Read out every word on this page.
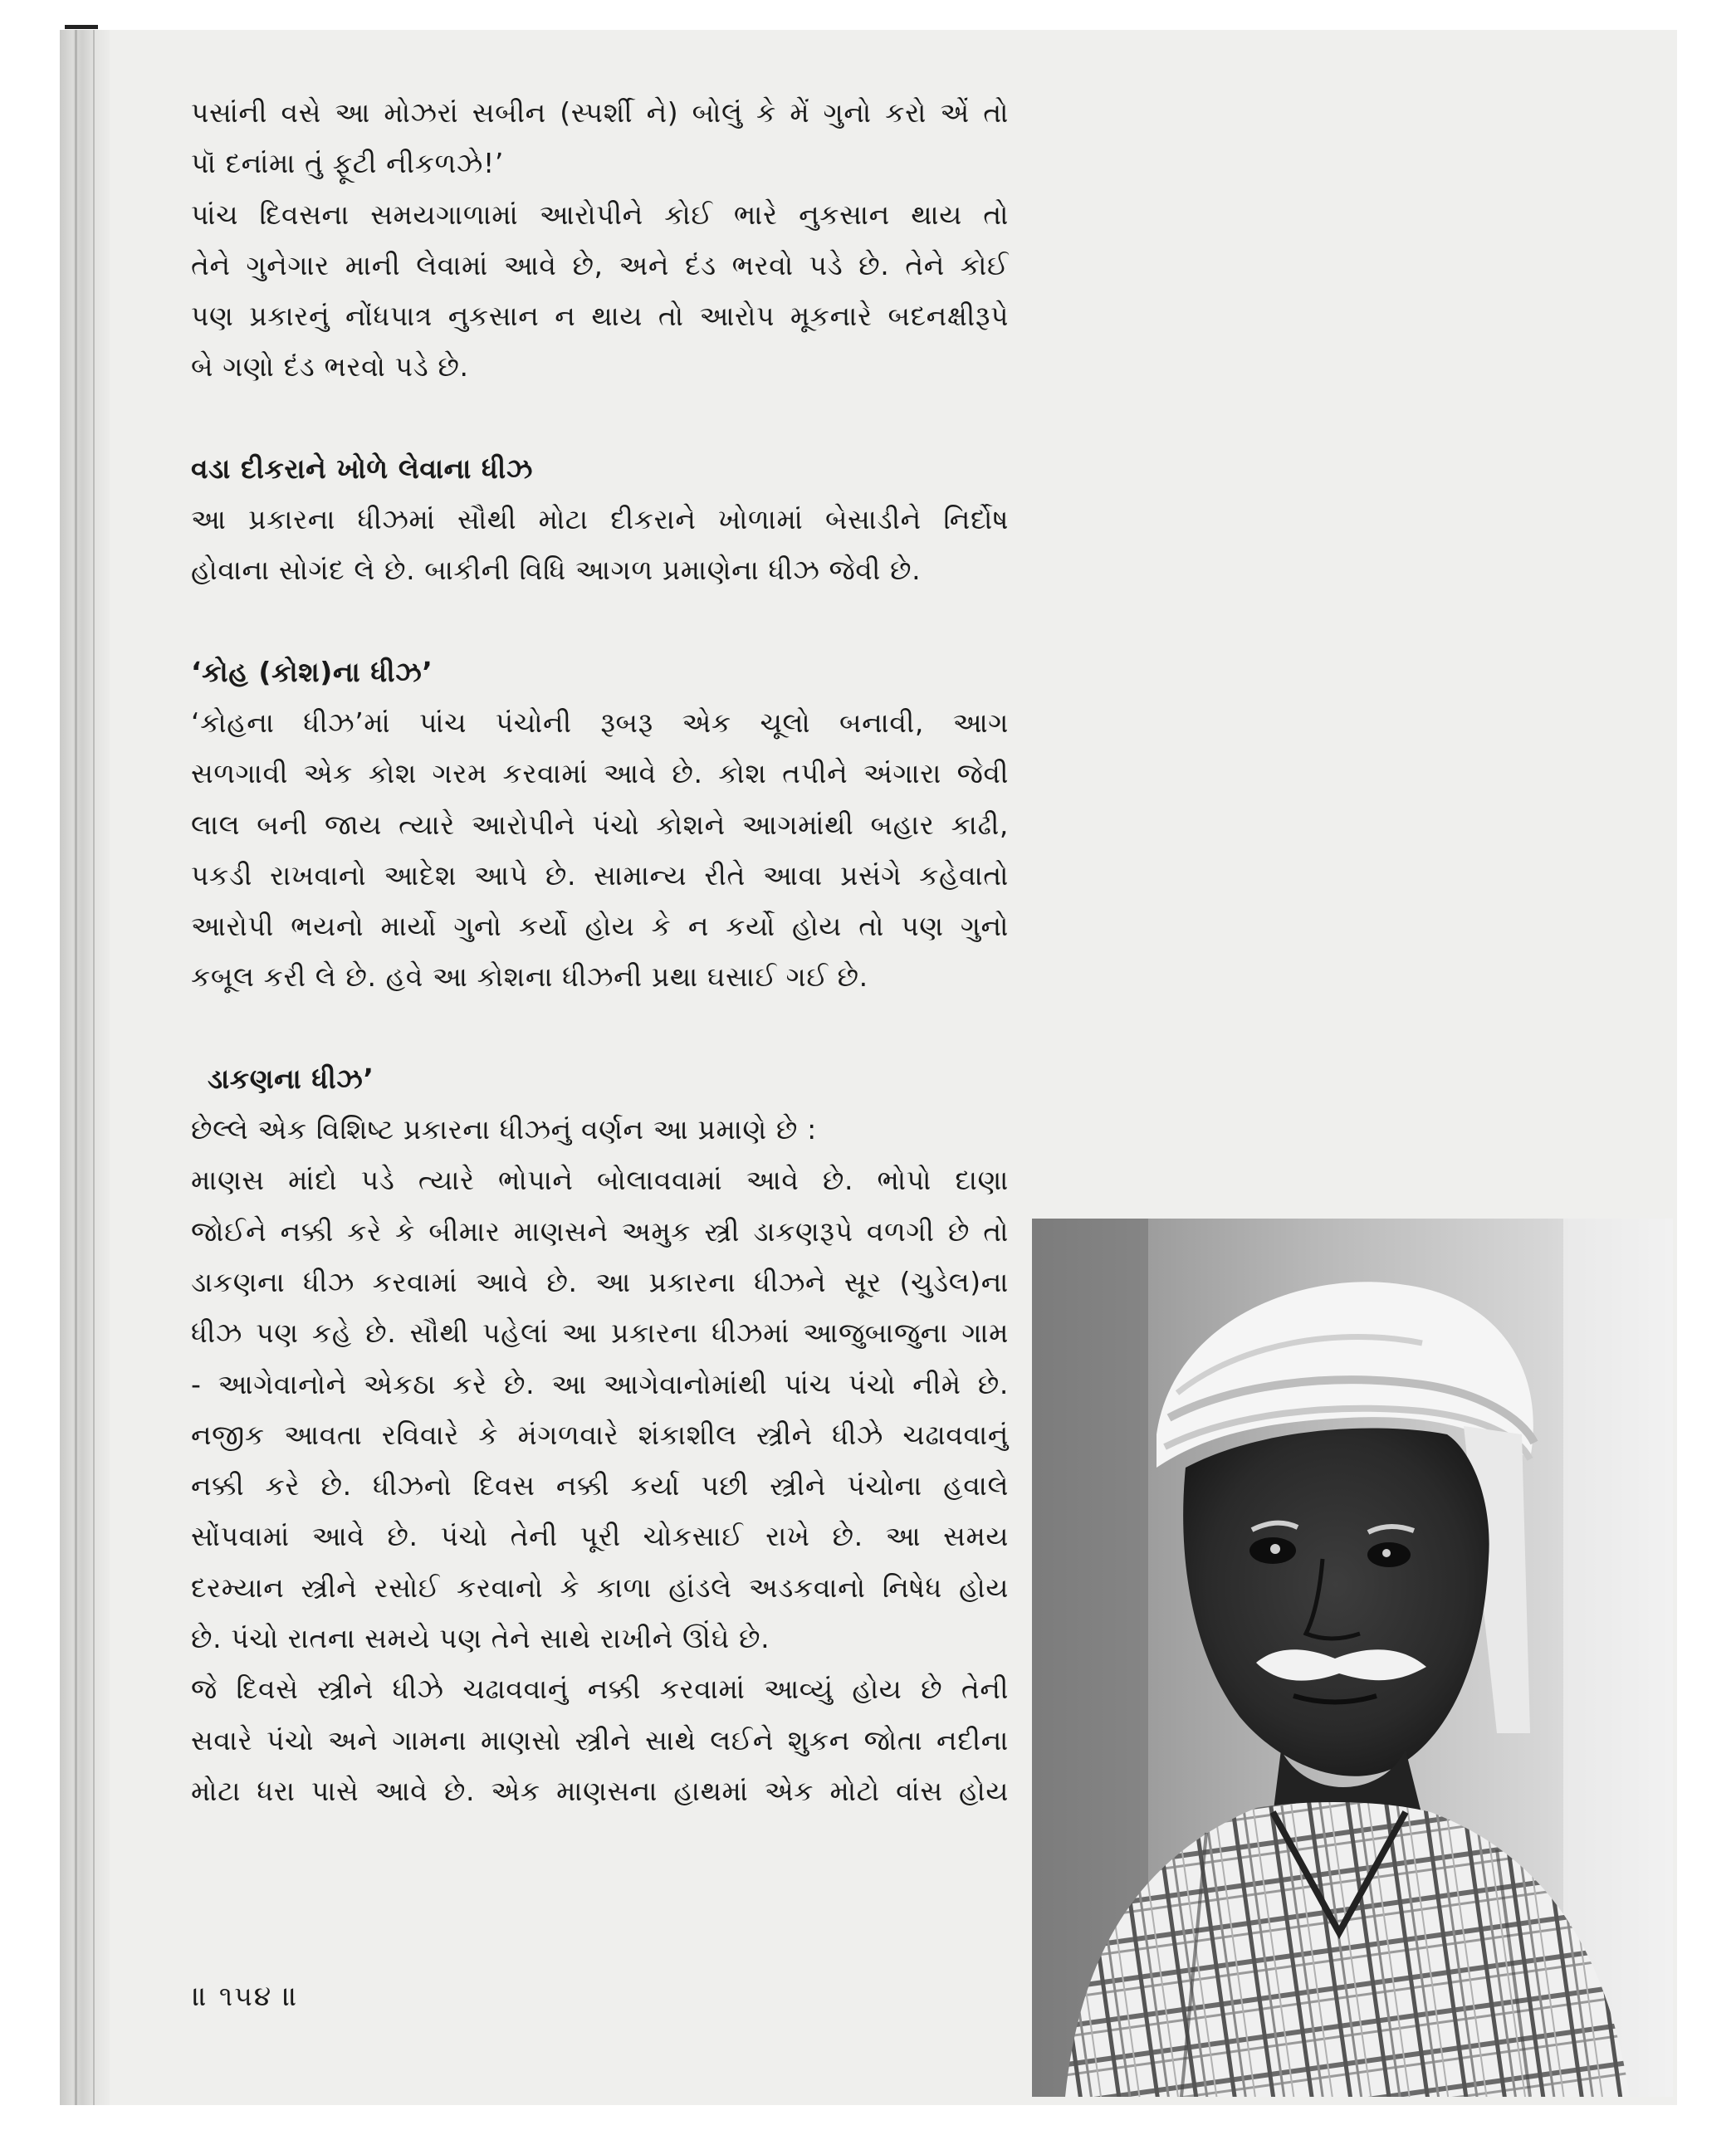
પસાંની વસે આ મોઝરાં સબીન (સ્પર્શી ને) બોલું કે મેં ગુનો કરો એં તો
પૉ દનાંમા તું ફૂટી નીકળઝે!’

પાંચ દિવસના સમયગાળામાં આરોપીને કોઈ ભારે નુકસાન થાય તો
તેને ગુનેગાર માની લેવામાં આવે છે, અને દંડ ભરવો પડે છે. તેને કોઈ
પણ પ્રકારનું નોંધપાત્ર નુકસાન ન થાય તો આરોપ મૂકનારે બદનક્ષીરૂપે
બે ગણો દંડ ભરવો પડે છે.

વડા દીકરાને ખોળે લેવાના ધીઝ

આ પ્રકારના ધીઝમાં સૌથી મોટા દીકરાને ખોળામાં બેસાડીને નિર્દોષ
હોવાના સોગંદ લે છે. બાકીની વિધિ આગળ પ્રમાણેના ધીઝ જેવી છે.

‘કોહ (કોશ)ના ધીઝ’

‘કોહના ધીઝ’માં પાંચ પંચોની રૂબરૂ એક ચૂલો બનાવી, આગ
સળગાવી એક કોશ ગરમ કરવામાં આવે છે. કોશ તપીને અંગારા જેવી
લાલ બની જાય ત્યારે આરોપીને પંચો કોશને આગમાંથી બહાર કાઢી,
પકડી રાખવાનો આદેશ આપે છે. સામાન્ય રીતે આવા પ્રસંગે કહેવાતો
આરોપી ભયનો માર્યો ગુનો કર્યો હોય કે ન કર્યો હોય તો પણ ગુનો
કબૂલ કરી લે છે. હવે આ કોશના ધીઝની પ્રથા ઘસાઈ ગઈ છે.

ડાકણના ધીઝ’
છેલ્લે એક વિશિષ્ટ પ્રકારના ધીઝનું વર્ણન આ પ્રમાણે છે :

માણસ માંદો પડે ત્યારે ભોપાને બોલાવવામાં આવે છે. ભોપો દાણા
જોઈને નક્કી કરે કે બીમાર માણસને અમુક સ્ત્રી ડાકણરૂપે વળગી છે તો
ડાકણના ધીઝ કરવામાં આવે છે. આ પ્રકારના ધીઝને સૂર (ચુડેલ)ના
ધીઝ પણ કહે છે. સૌથી પહેલાં આ પ્રકારના ધીઝમાં આજુબાજુના ગામ
- આગેવાનોને એકઠા કરે છે. આ આગેવાનોમાંથી પાંચ પંચો નીમે છે.
નજીક આવતા રવિવારે કે મંગળવારે શંકાશીલ સ્ત્રીને ધીઝે ચઢાવવાનું
નક્કી કરે છે. ધીઝનો દિવસ નક્કી કર્યા પછી સ્ત્રીને પંચોના હવાલે
સોંપવામાં આવે છે. પંચો તેની પૂરી ચોકસાઈ રાખે છે. આ સમય
દરમ્યાન સ્ત્રીને રસોઈ કરવાનો કે કાળા હાંડલે અડકવાનો નિષેધ હોય
છે. પંચો રાતના સમયે પણ તેને સાથે રાખીને ઊંઘે છે.

જે દિવસે સ્ત્રીને ધીઝે ચઢાવવાનું નક્કી કરવામાં આવ્યું હોય છે તેની
સવારે પંચો અને ગામના માણસો સ્ત્રીને સાથે લઈને શુકન જોતા નદીના
મોટા ધરા પાસે આવે છે. એક માણસના હાથમાં એક મોટો વાંસ હોય

॥ ૧૫૪ ॥
